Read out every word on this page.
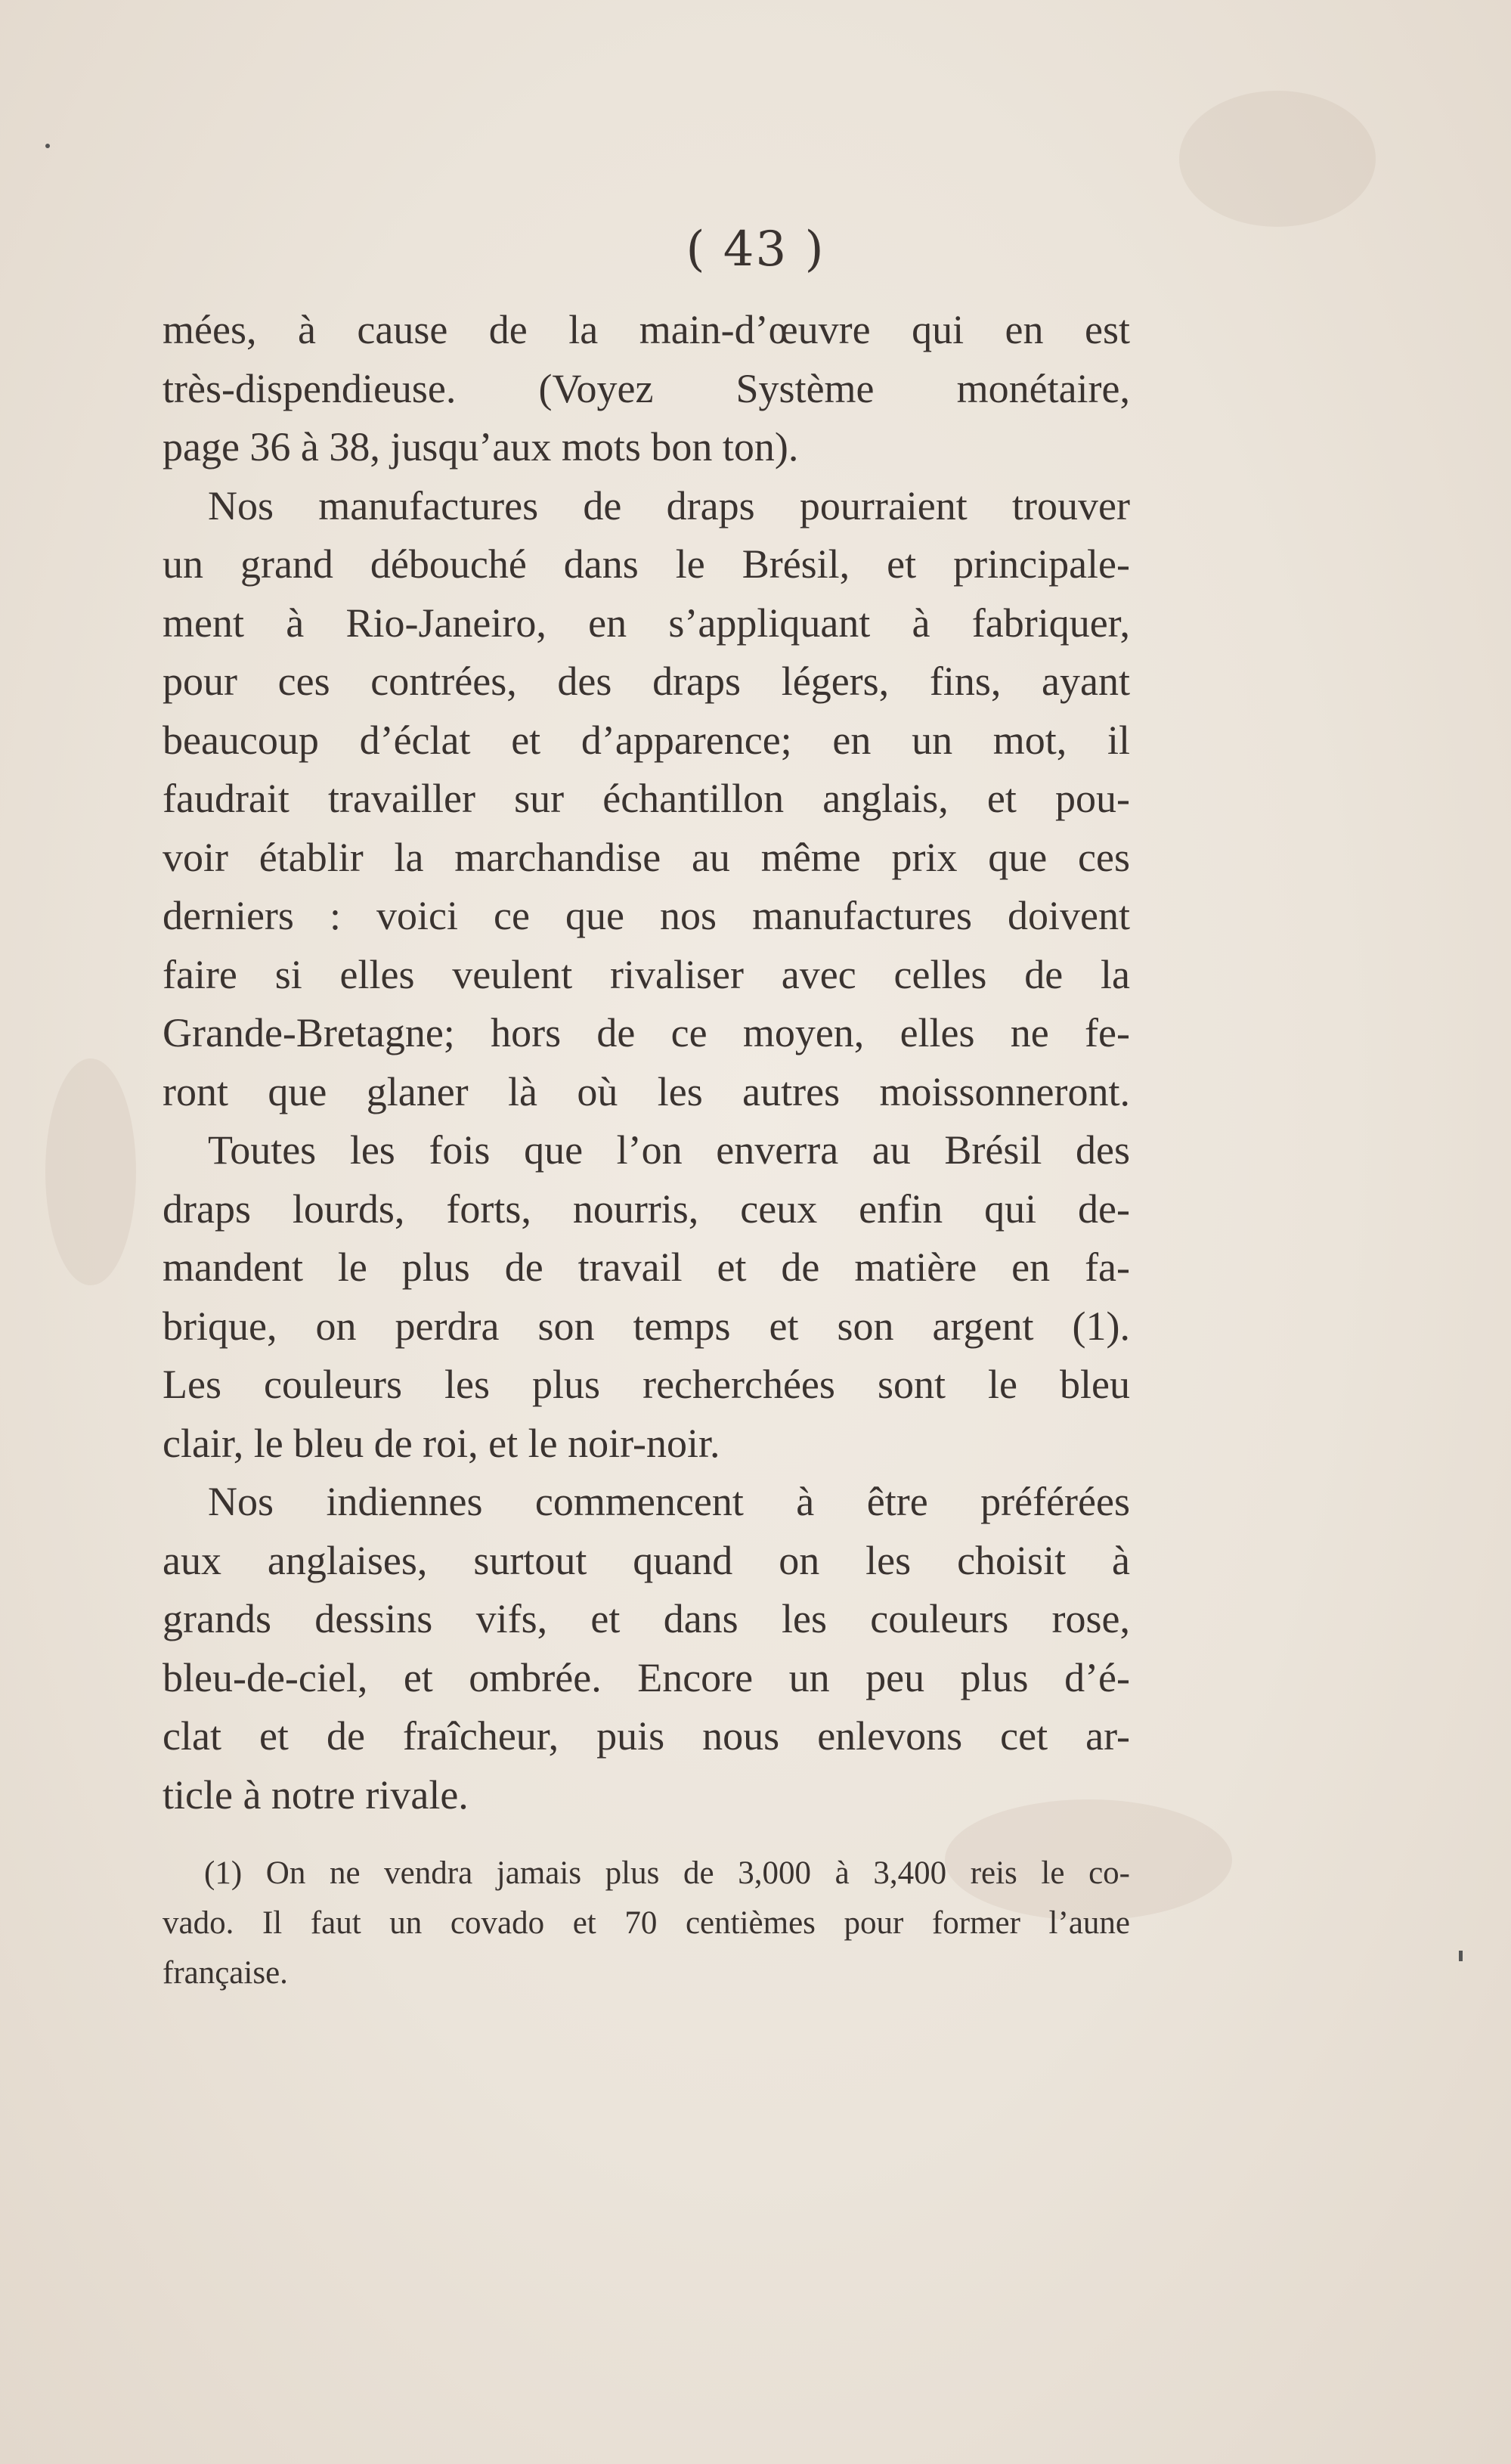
( 43 )
mées, à cause de la main-d’œuvre qui en est
très-dispendieuse. (Voyez Système monétaire,
page 36 à 38, jusqu’aux mots bon ton).
Nos manufactures de draps pourraient trouver
un grand débouché dans le Brésil, et principale-
ment à Rio-Janeiro, en s’appliquant à fabriquer,
pour ces contrées, des draps légers, fins, ayant
beaucoup d’éclat et d’apparence; en un mot, il
faudrait travailler sur échantillon anglais, et pou-
voir établir la marchandise au même prix que ces
derniers : voici ce que nos manufactures doivent
faire si elles veulent rivaliser avec celles de la
Grande-Bretagne; hors de ce moyen, elles ne fe-
ront que glaner là où les autres moissonneront.
Toutes les fois que l’on enverra au Brésil des
draps lourds, forts, nourris, ceux enfin qui de-
mandent le plus de travail et de matière en fa-
brique, on perdra son temps et son argent (1).
Les couleurs les plus recherchées sont le bleu
clair, le bleu de roi, et le noir-noir.
Nos indiennes commencent à être préférées
aux anglaises, surtout quand on les choisit à
grands dessins vifs, et dans les couleurs rose,
bleu-de-ciel, et ombrée. Encore un peu plus d’é-
clat et de fraîcheur, puis nous enlevons cet ar-
ticle à notre rivale.
(1) On ne vendra jamais plus de 3,000 à 3,400 reis le co-
vado. Il faut un covado et 70 centièmes pour former l’aune
française.
